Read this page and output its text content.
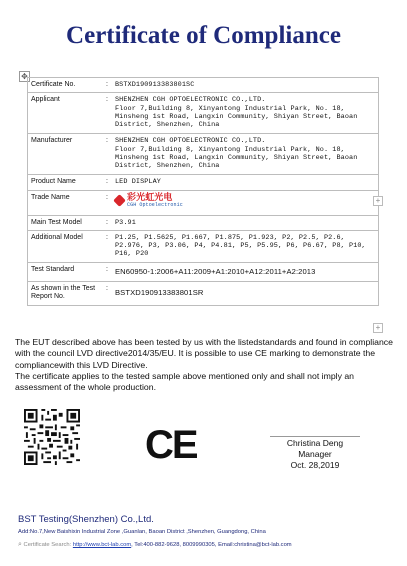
Certificate of Compliance
✥
Certificate No.	:	BSTXD190913383801SC
Applicant	:	SHENZHEN CGH OPTOELECTRONIC CO.,LTD.
Floor 7,Building 8, Xinyantong Industrial Park, No. 18, Minsheng 1st Road, Langxin Community, Shiyan Street, Baoan District, Shenzhen, China
Manufacturer	:	SHENZHEN CGH OPTOELECTRONIC CO.,LTD.
Floor 7,Building 8, Xinyantong Industrial Park, No. 18, Minsheng 1st Road, Langxin Community, Shiyan Street, Baoan District, Shenzhen, China
Product Name	:	LED DISPLAY
Trade Name	:	彩光虹光电
CGH Optoelectronic

Main Test Model	:	P3.91
Additional Model	:	P1.25, P1.5625, P1.667, P1.875, P1.923, P2, P2.5, P2.6, P2.976, P3, P3.06, P4, P4.81, P5, P5.95, P6, P6.67, P8, P10, P16, P20
Test Standard	:	EN60950-1:2006+A11:2009+A1:2010+A12:2011+A2:2013
As shown in the Test Report No.	:	BSTXD190913383801SR
+
+

The EUT described above has been tested by us with the listedstandards and found in compliance with the council LVD directive2014/35/EU. It is possible to use CE marking to demonstrate the compliancewith this LVD Directive.

The certificate applies to the tested sample above mentioned only and shall not imply an assessment of the whole production.

CE	Christina Deng
Manager
Oct. 28,2019
BST Testing(Shenzhen) Co.,Ltd.
Add:No.7,New Baishixin Industrial Zone ,Guanlan, Baoan District ,Shenzhen, Guangdong, China
⌕ Certificate Search: http://www.bct-lab.com, Tel:400-882-9628, 8009990305, Email:christina@bct-lab.com
